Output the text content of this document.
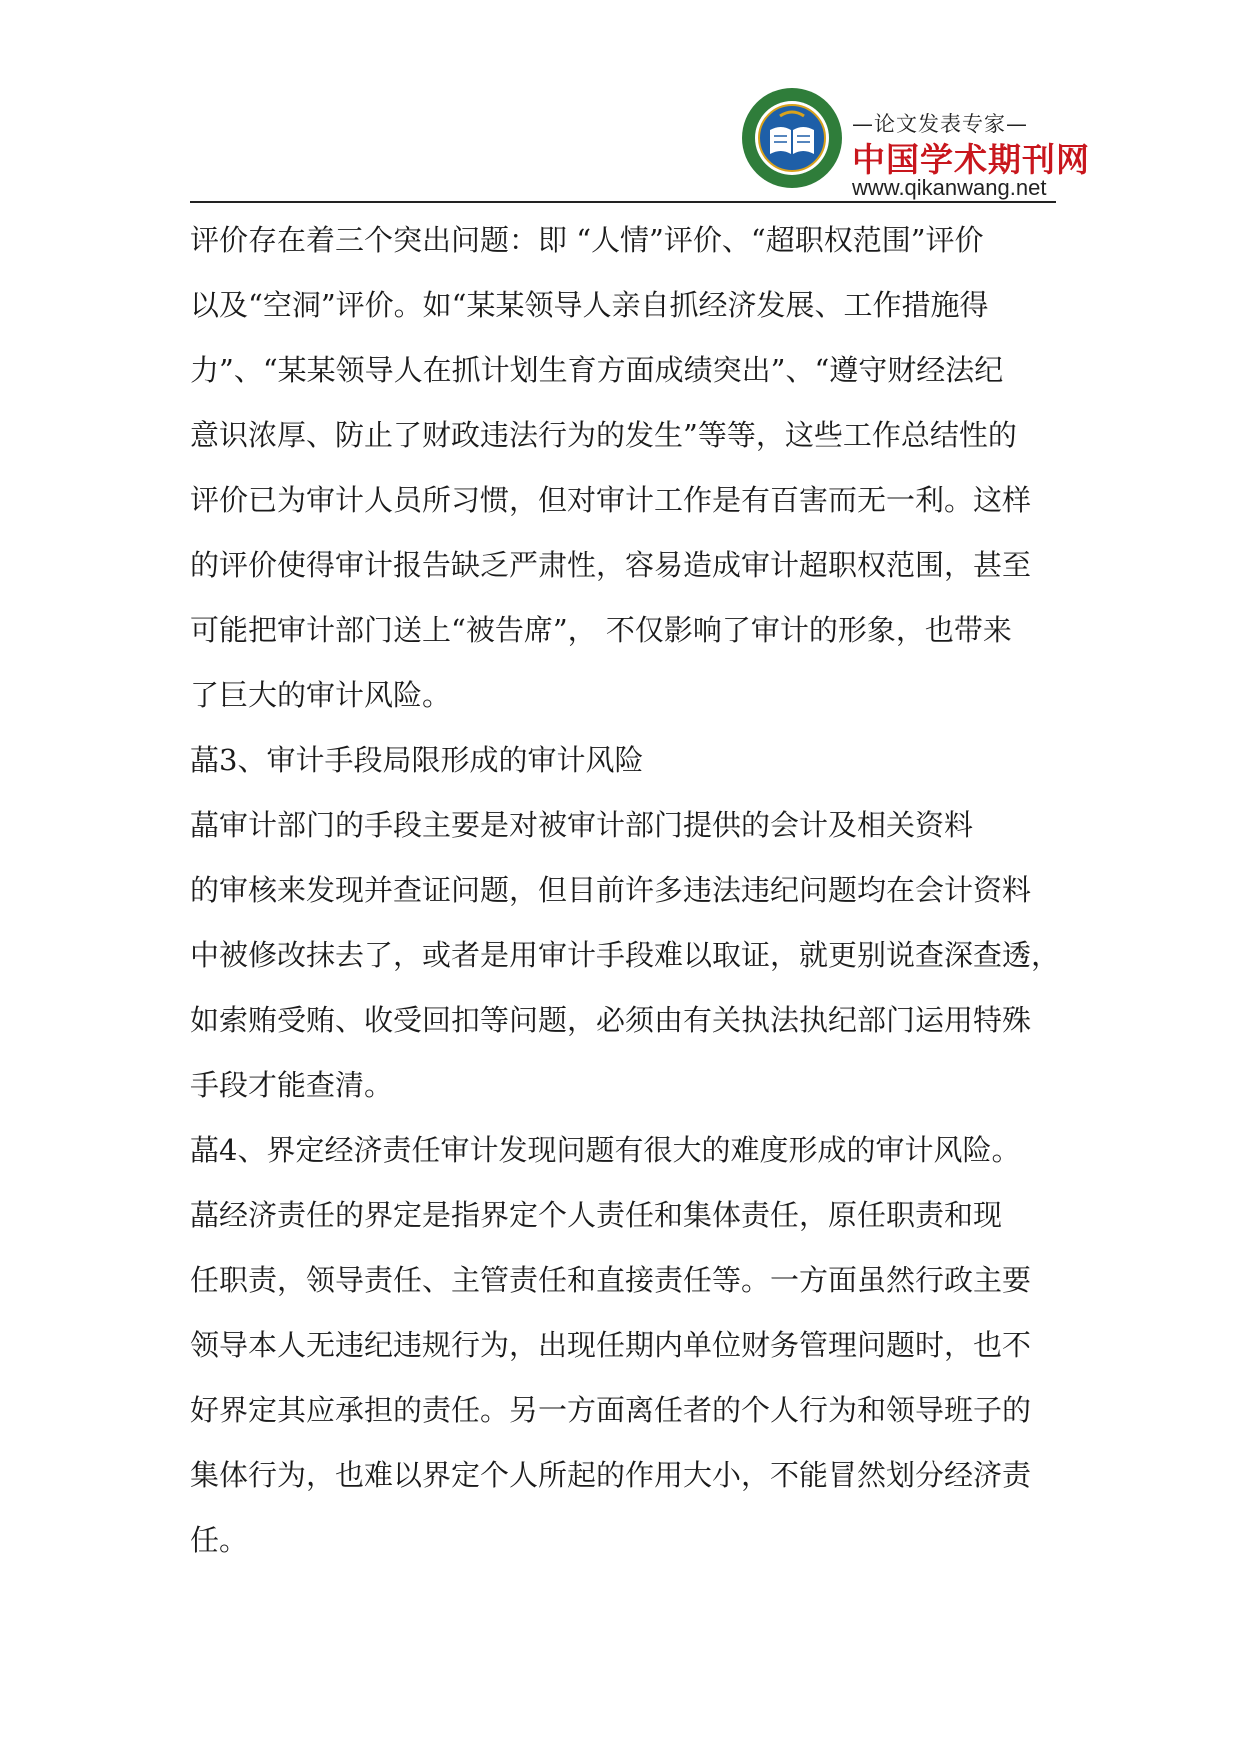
—论文发表专家—
中国学术期刊网
www.qikanwang.net
评价存在着三个突出问题：即 “人情”评价、“超职权范围”评价
以及“空洞”评价。如“某某领导人亲自抓经济发展、工作措施得
力”、“某某领导人在抓计划生育方面成绩突出”、“遵守财经法纪
意识浓厚、防止了财政违法行为的发生”等等，这些工作总结性的
评价已为审计人员所习惯，但对审计工作是有百害而无一利。这样
的评价使得审计报告缺乏严肃性，容易造成审计超职权范围，甚至
可能把审计部门送上“被告席”， 不仅影响了审计的形象，也带来
了巨大的审计风险。
蕌3、审计手段局限形成的审计风险
蕌审计部门的手段主要是对被审计部门提供的会计及相关资料
的审核来发现并查证问题，但目前许多违法违纪问题均在会计资料
中被修改抹去了，或者是用审计手段难以取证，就更别说查深查透，
如索贿受贿、收受回扣等问题，必须由有关执法执纪部门运用特殊
手段才能查清。
蕌4、界定经济责任审计发现问题有很大的难度形成的审计风险。
蕌经济责任的界定是指界定个人责任和集体责任，原任职责和现
任职责，领导责任、主管责任和直接责任等。一方面虽然行政主要
领导本人无违纪违规行为，出现任期内单位财务管理问题时，也不
好界定其应承担的责任。另一方面离任者的个人行为和领导班子的
集体行为，也难以界定个人所起的作用大小，不能冒然划分经济责
任。
